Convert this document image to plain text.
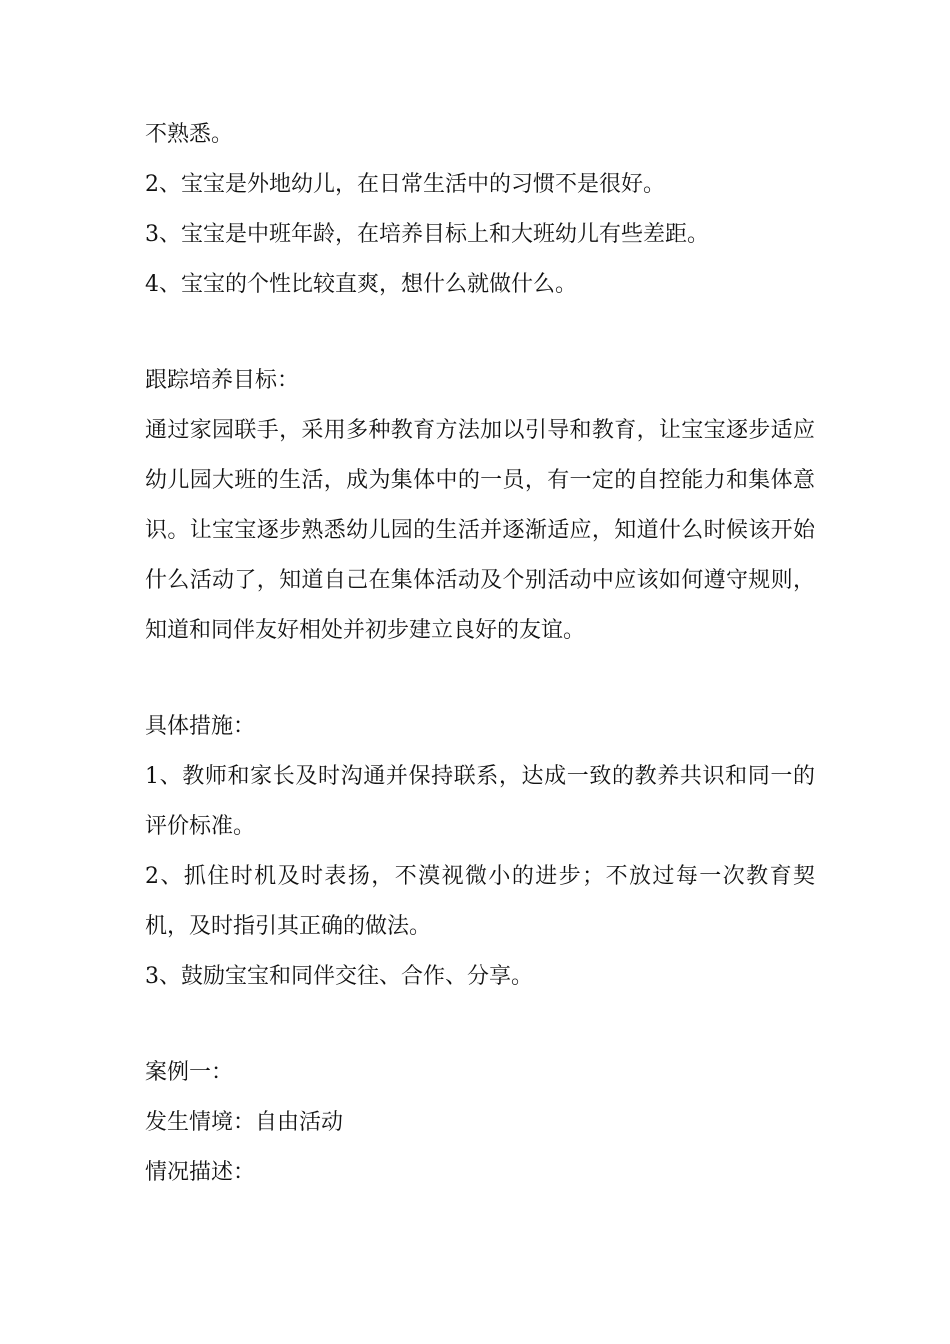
不熟悉。
2、宝宝是外地幼儿，在日常生活中的习惯不是很好。
3、宝宝是中班年龄，在培养目标上和大班幼儿有些差距。
4、宝宝的个性比较直爽，想什么就做什么。
跟踪培养目标：
通过家园联手，采用多种教育方法加以引导和教育，让宝宝逐步适应幼儿园大班的生活，成为集体中的一员，有一定的自控能力和集体意识。让宝宝逐步熟悉幼儿园的生活并逐渐适应，知道什么时候该开始什么活动了，知道自己在集体活动及个别活动中应该如何遵守规则，知道和同伴友好相处并初步建立良好的友谊。
具体措施：
1、教师和家长及时沟通并保持联系，达成一致的教养共识和同一的评价标准。
2、抓住时机及时表扬，不漠视微小的进步；不放过每一次教育契机，及时指引其正确的做法。
3、鼓励宝宝和同伴交往、合作、分享。
案例一：
发生情境：自由活动
情况描述：
